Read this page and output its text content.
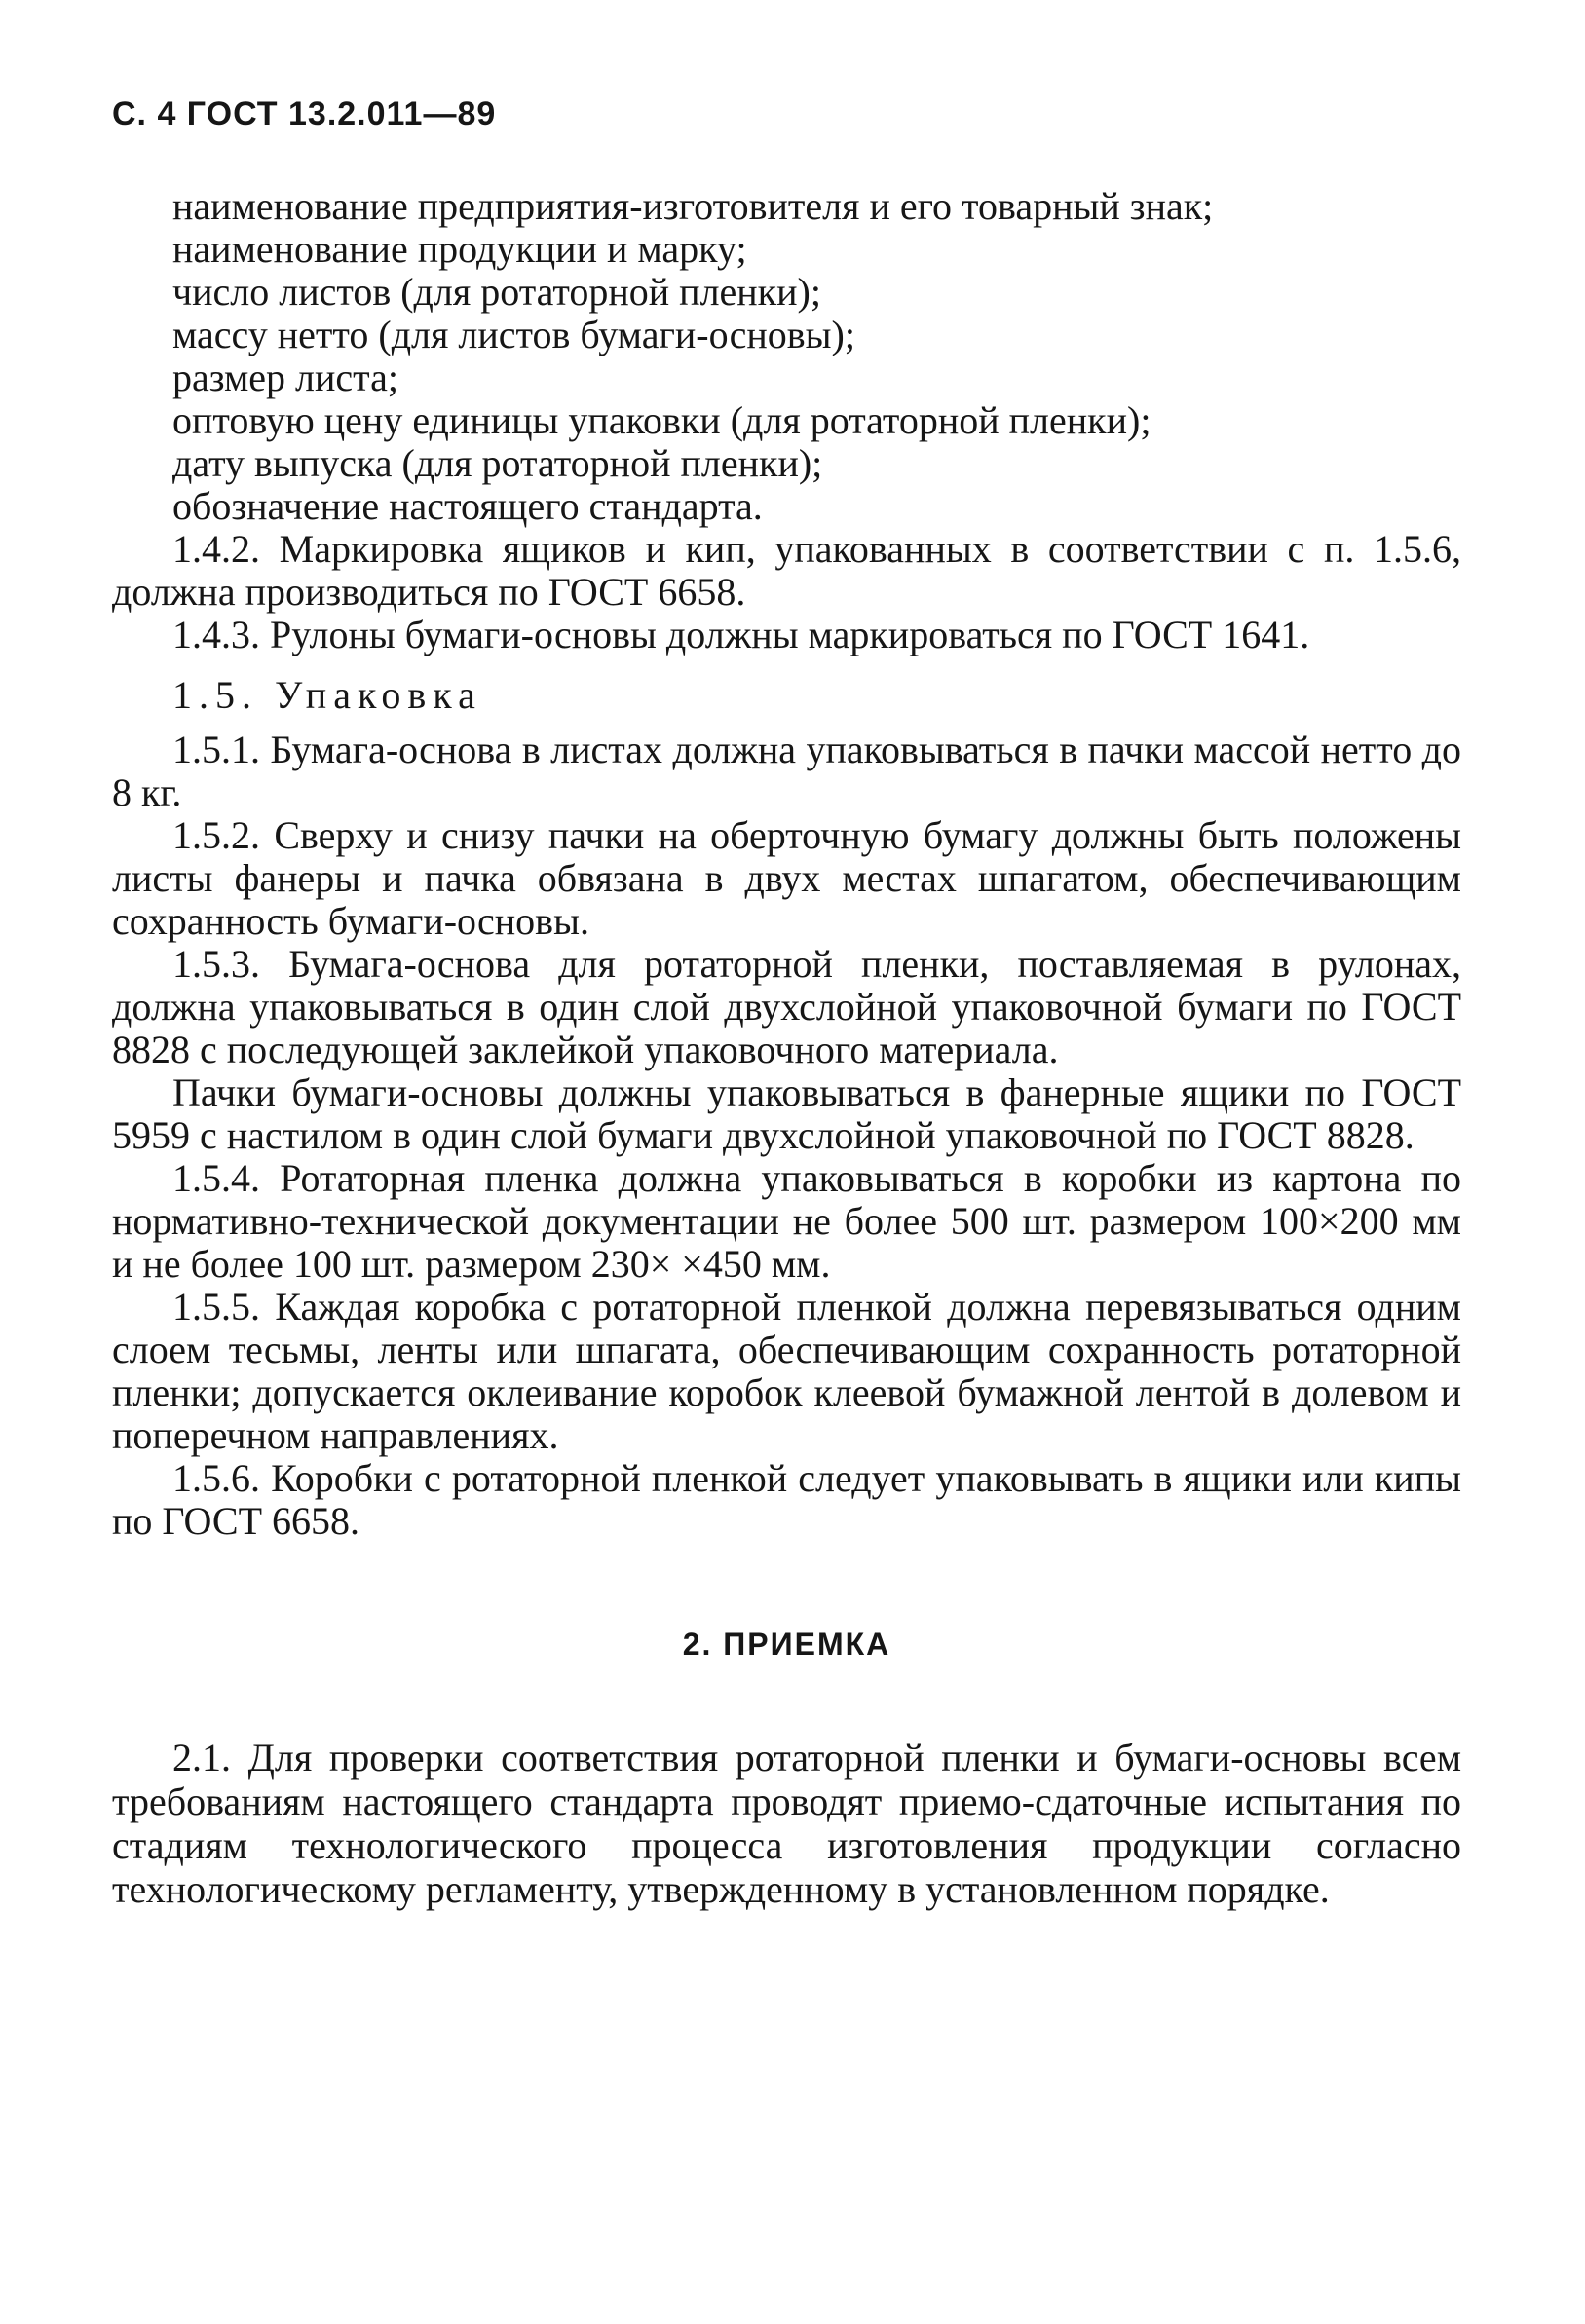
С. 4 ГОСТ 13.2.011—89

наименование предприятия-изготовителя и его товарный знак;

наименование продукции и марку;

число листов (для ротаторной пленки);

массу нетто (для листов бумаги-основы);

размер листа;

оптовую цену единицы упаковки (для ротаторной пленки);

дату выпуска (для ротаторной пленки);

обозначение настоящего стандарта.

1.4.2. Маркировка ящиков и кип, упакованных в соответствии с п. 1.5.6, должна производиться по ГОСТ 6658.

1.4.3. Рулоны бумаги-основы должны маркироваться по ГОСТ 1641.

1.5. Упаковка

1.5.1. Бумага-основа в листах должна упаковываться в пачки массой нетто до 8 кг.

1.5.2. Сверху и снизу пачки на оберточную бумагу должны быть положены листы фанеры и пачка обвязана в двух местах шпагатом, обеспечивающим сохранность бумаги-основы.

1.5.3. Бумага-основа для ротаторной пленки, поставляемая в рулонах, должна упаковываться в один слой двухслойной упаковочной бумаги по ГОСТ 8828 с последующей заклейкой упаковочного материала.

Пачки бумаги-основы должны упаковываться в фанерные ящики по ГОСТ 5959 с настилом в один слой бумаги двухслойной упаковочной по ГОСТ 8828.

1.5.4. Ротаторная пленка должна упаковываться в коробки из картона по нормативно-технической документации не более 500 шт. размером 100×200 мм и не более 100 шт. размером 230× ×450 мм.

1.5.5. Каждая коробка с ротаторной пленкой должна перевязываться одним слоем тесьмы, ленты или шпагата, обеспечивающим сохранность ротаторной пленки; допускается оклеивание коробок клеевой бумажной лентой в долевом и поперечном направлениях.

1.5.6. Коробки с ротаторной пленкой следует упаковывать в ящики или кипы по ГОСТ 6658.

2. ПРИЕМКА

2.1. Для проверки соответствия ротаторной пленки и бумаги-основы всем требованиям настоящего стандарта проводят приемо-сдаточные испытания по стадиям технологического процесса изготовления продукции согласно технологическому регламенту, утвержденному в установленном порядке.
